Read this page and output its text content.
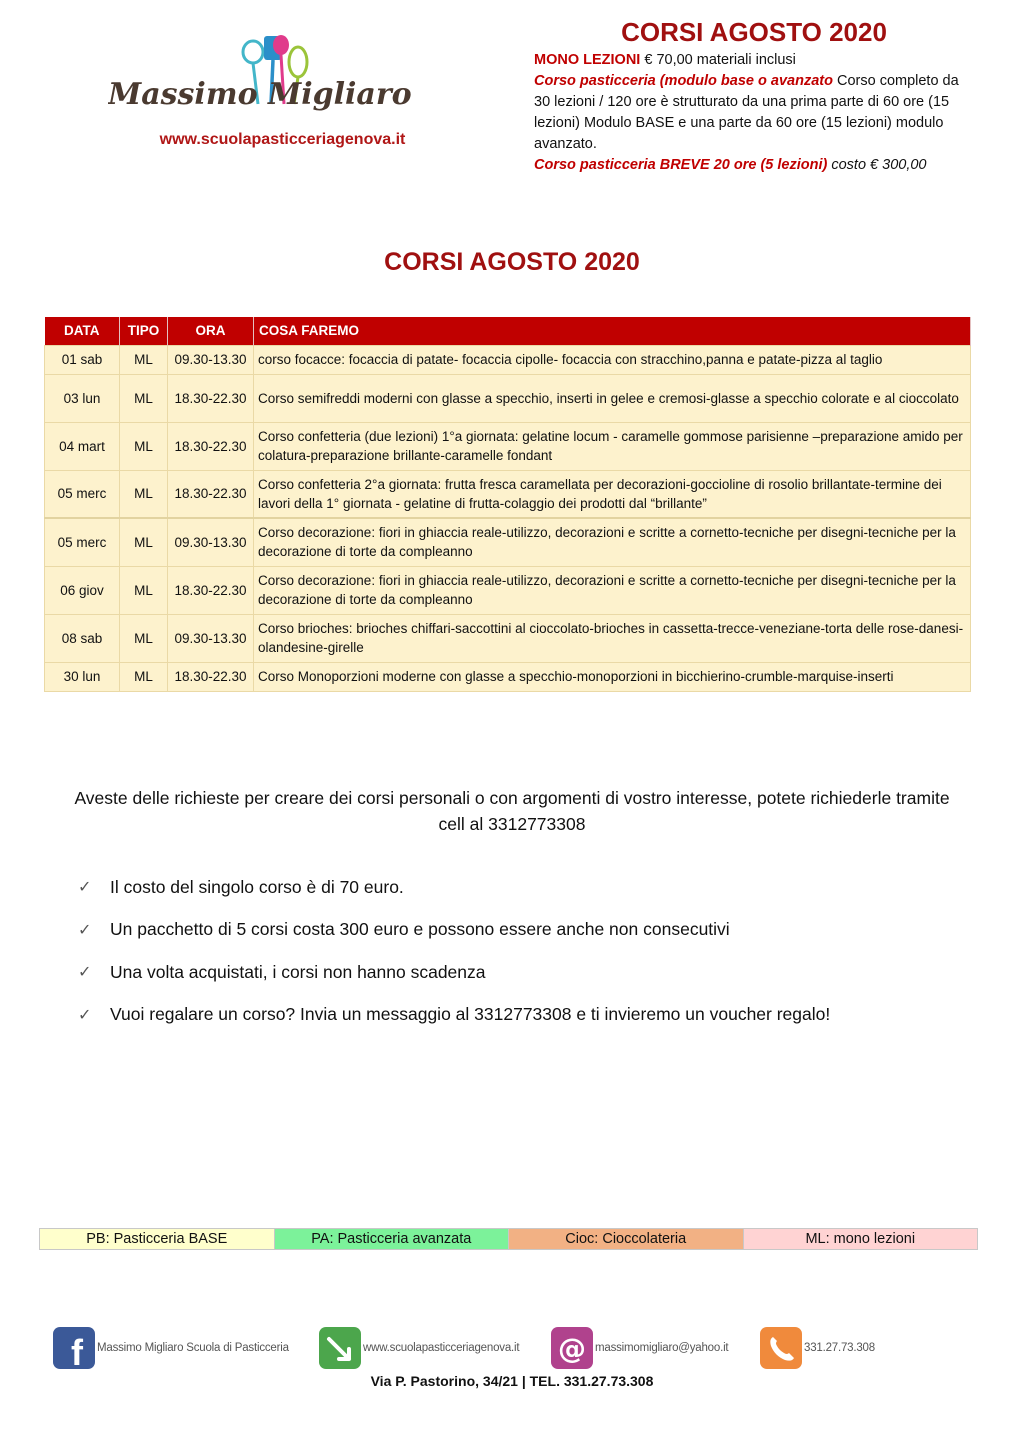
Massimo Migliaro
www.scuolapasticceriagenova.it
CORSI AGOSTO 2020
MONO LEZIONI € 70,00 materiali inclusi
Corso pasticceria (modulo base o avanzato Corso completo da 30 lezioni / 120 ore è strutturato da una prima parte di 60 ore (15 lezioni) Modulo BASE e una parte da 60 ore (15 lezioni) modulo avanzato.
Corso pasticceria BREVE 20 ore (5 lezioni) costo € 300,00
CORSI AGOSTO 2020
DATA	TIPO	ORA	COSA FAREMO
01 sab	ML	09.30-13.30	corso focacce: focaccia di patate- focaccia cipolle- focaccia con stracchino,panna e patate-pizza al taglio
03 lun	ML	18.30-22.30	Corso semifreddi moderni con glasse a specchio, inserti in gelee e cremosi-glasse a specchio colorate e al cioccolato
04 mart	ML	18.30-22.30	Corso confetteria (due lezioni) 1°a giornata: gelatine locum - caramelle gommose parisienne –preparazione amido per colatura-preparazione brillante-caramelle fondant
05 merc	ML	18.30-22.30	Corso confetteria 2°a giornata: frutta fresca caramellata per decorazioni-goccioline di rosolio brillantate-termine dei lavori della 1° giornata - gelatine di frutta-colaggio dei prodotti dal “brillante”
05 merc	ML	09.30-13.30	Corso decorazione: fiori in ghiaccia reale-utilizzo, decorazioni e scritte a cornetto-tecniche per disegni-tecniche per la decorazione di torte da compleanno
06 giov	ML	18.30-22.30	Corso decorazione: fiori in ghiaccia reale-utilizzo, decorazioni e scritte a cornetto-tecniche per disegni-tecniche per la decorazione di torte da compleanno
08 sab	ML	09.30-13.30	Corso brioches: brioches chiffari-saccottini al cioccolato-brioches in cassetta-trecce-veneziane-torta delle rose-danesi-olandesine-girelle
30 lun	ML	18.30-22.30	Corso Monoporzioni moderne con glasse a specchio-monoporzioni in bicchierino-crumble-marquise-inserti
Aveste delle richieste per creare dei corsi personali o con argomenti di vostro interesse, potete richiederle tramite cell al 3312773308
✓	Il costo del singolo corso è di 70 euro.
✓	Un pacchetto di 5 corsi costa 300 euro e possono essere anche non consecutivi
✓	Una volta acquistati, i corsi non hanno scadenza
✓	Vuoi regalare un corso? Invia un messaggio al 3312773308 e ti invieremo un voucher regalo!
PB: Pasticceria BASE	PA: Pasticceria avanzata	Cioc: Cioccolateria	ML: mono lezioni
f Massimo Migliaro Scuola di Pasticceria	www.scuolapasticceriagenova.it @ massimomigliaro@yahoo.it	331.27.73.308
Via P. Pastorino, 34/21 | TEL. 331.27.73.308
